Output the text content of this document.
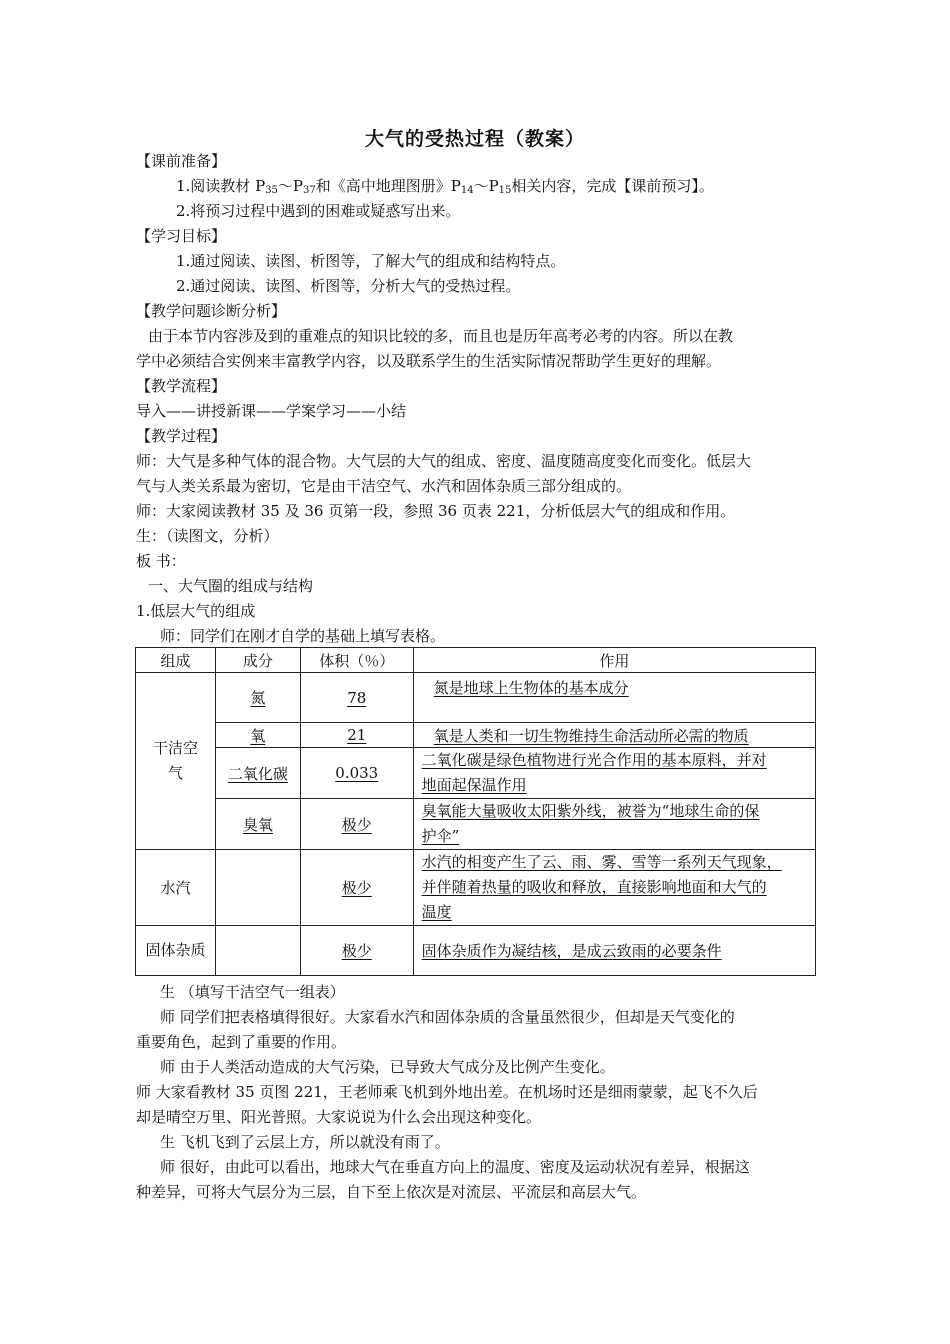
大气的受热过程（教案）
【课前准备】
1.阅读教材 $P_{35}\sim P_{37}$和《高中地理图册》$P_{14}\sim P_{15}$相关内容，完成【课前预习】。
2.将预习过程中遇到的困难或疑惑写出来。
【学习目标】
1.通过阅读、读图、析图等，了解大气的组成和结构特点。
2.通过阅读、读图、析图等，分析大气的受热过程。
【教学问题诊断分析】
由于本节内容涉及到的重难点的知识比较的多，而且也是历年高考必考的内容。所以在教
学中必须结合实例来丰富教学内容，以及联系学生的生活实际情况帮助学生更好的理解。
【教学流程】
导入——讲授新课——学案学习——小结
【教学过程】
师：大气是多种气体的混合物。大气层的大气的组成、密度、温度随高度变化而变化。低层大
气与人类关系最为密切，它是由干洁空气、水汽和固体杂质三部分组成的。
师：大家阅读教材 35 及 36 页第一段，参照 36 页表 221，分析低层大气的组成和作用。
生：（读图文，分析）
板 书：
一、大气圈的组成与结构
1.低层大气的组成
师：同学们在刚才自学的基础上填写表格。
组成	成分	体积（％）	作用

干洁空气	氮	78	氮是地球上生物体的基本成分
	氧	21	氧是人类和一切生物维持生命活动所必需的物质
	二氧化碳	0.033	二氧化碳是绿色植物进行光合作用的基本原料，并对
地面起保温作用
	臭氧	极少	臭氧能大量吸收太阳紫外线，被誉为“地球生命的保
护伞”
水汽		极少	水汽的相变产生了云、雨、雾、雪等一系列天气现象，
并伴随着热量的吸收和释放，直接影响地面和大气的
温度

固体杂质		极少	固体杂质作为凝结核，是成云致雨的必要条件
生 （填写干洁空气一组表）
师 同学们把表格填得很好。大家看水汽和固体杂质的含量虽然很少，但却是天气变化的
重要角色，起到了重要的作用。
师 由于人类活动造成的大气污染，已导致大气成分及比例产生变化。
师 大家看教材 35 页图 221，王老师乘飞机到外地出差。在机场时还是细雨蒙蒙，起飞不久后
却是晴空万里、阳光普照。大家说说为什么会出现这种变化。
生 飞机飞到了云层上方，所以就没有雨了。
师 很好，由此可以看出，地球大气在垂直方向上的温度、密度及运动状况有差异，根据这
种差异，可将大气层分为三层，自下至上依次是对流层、平流层和高层大气。
